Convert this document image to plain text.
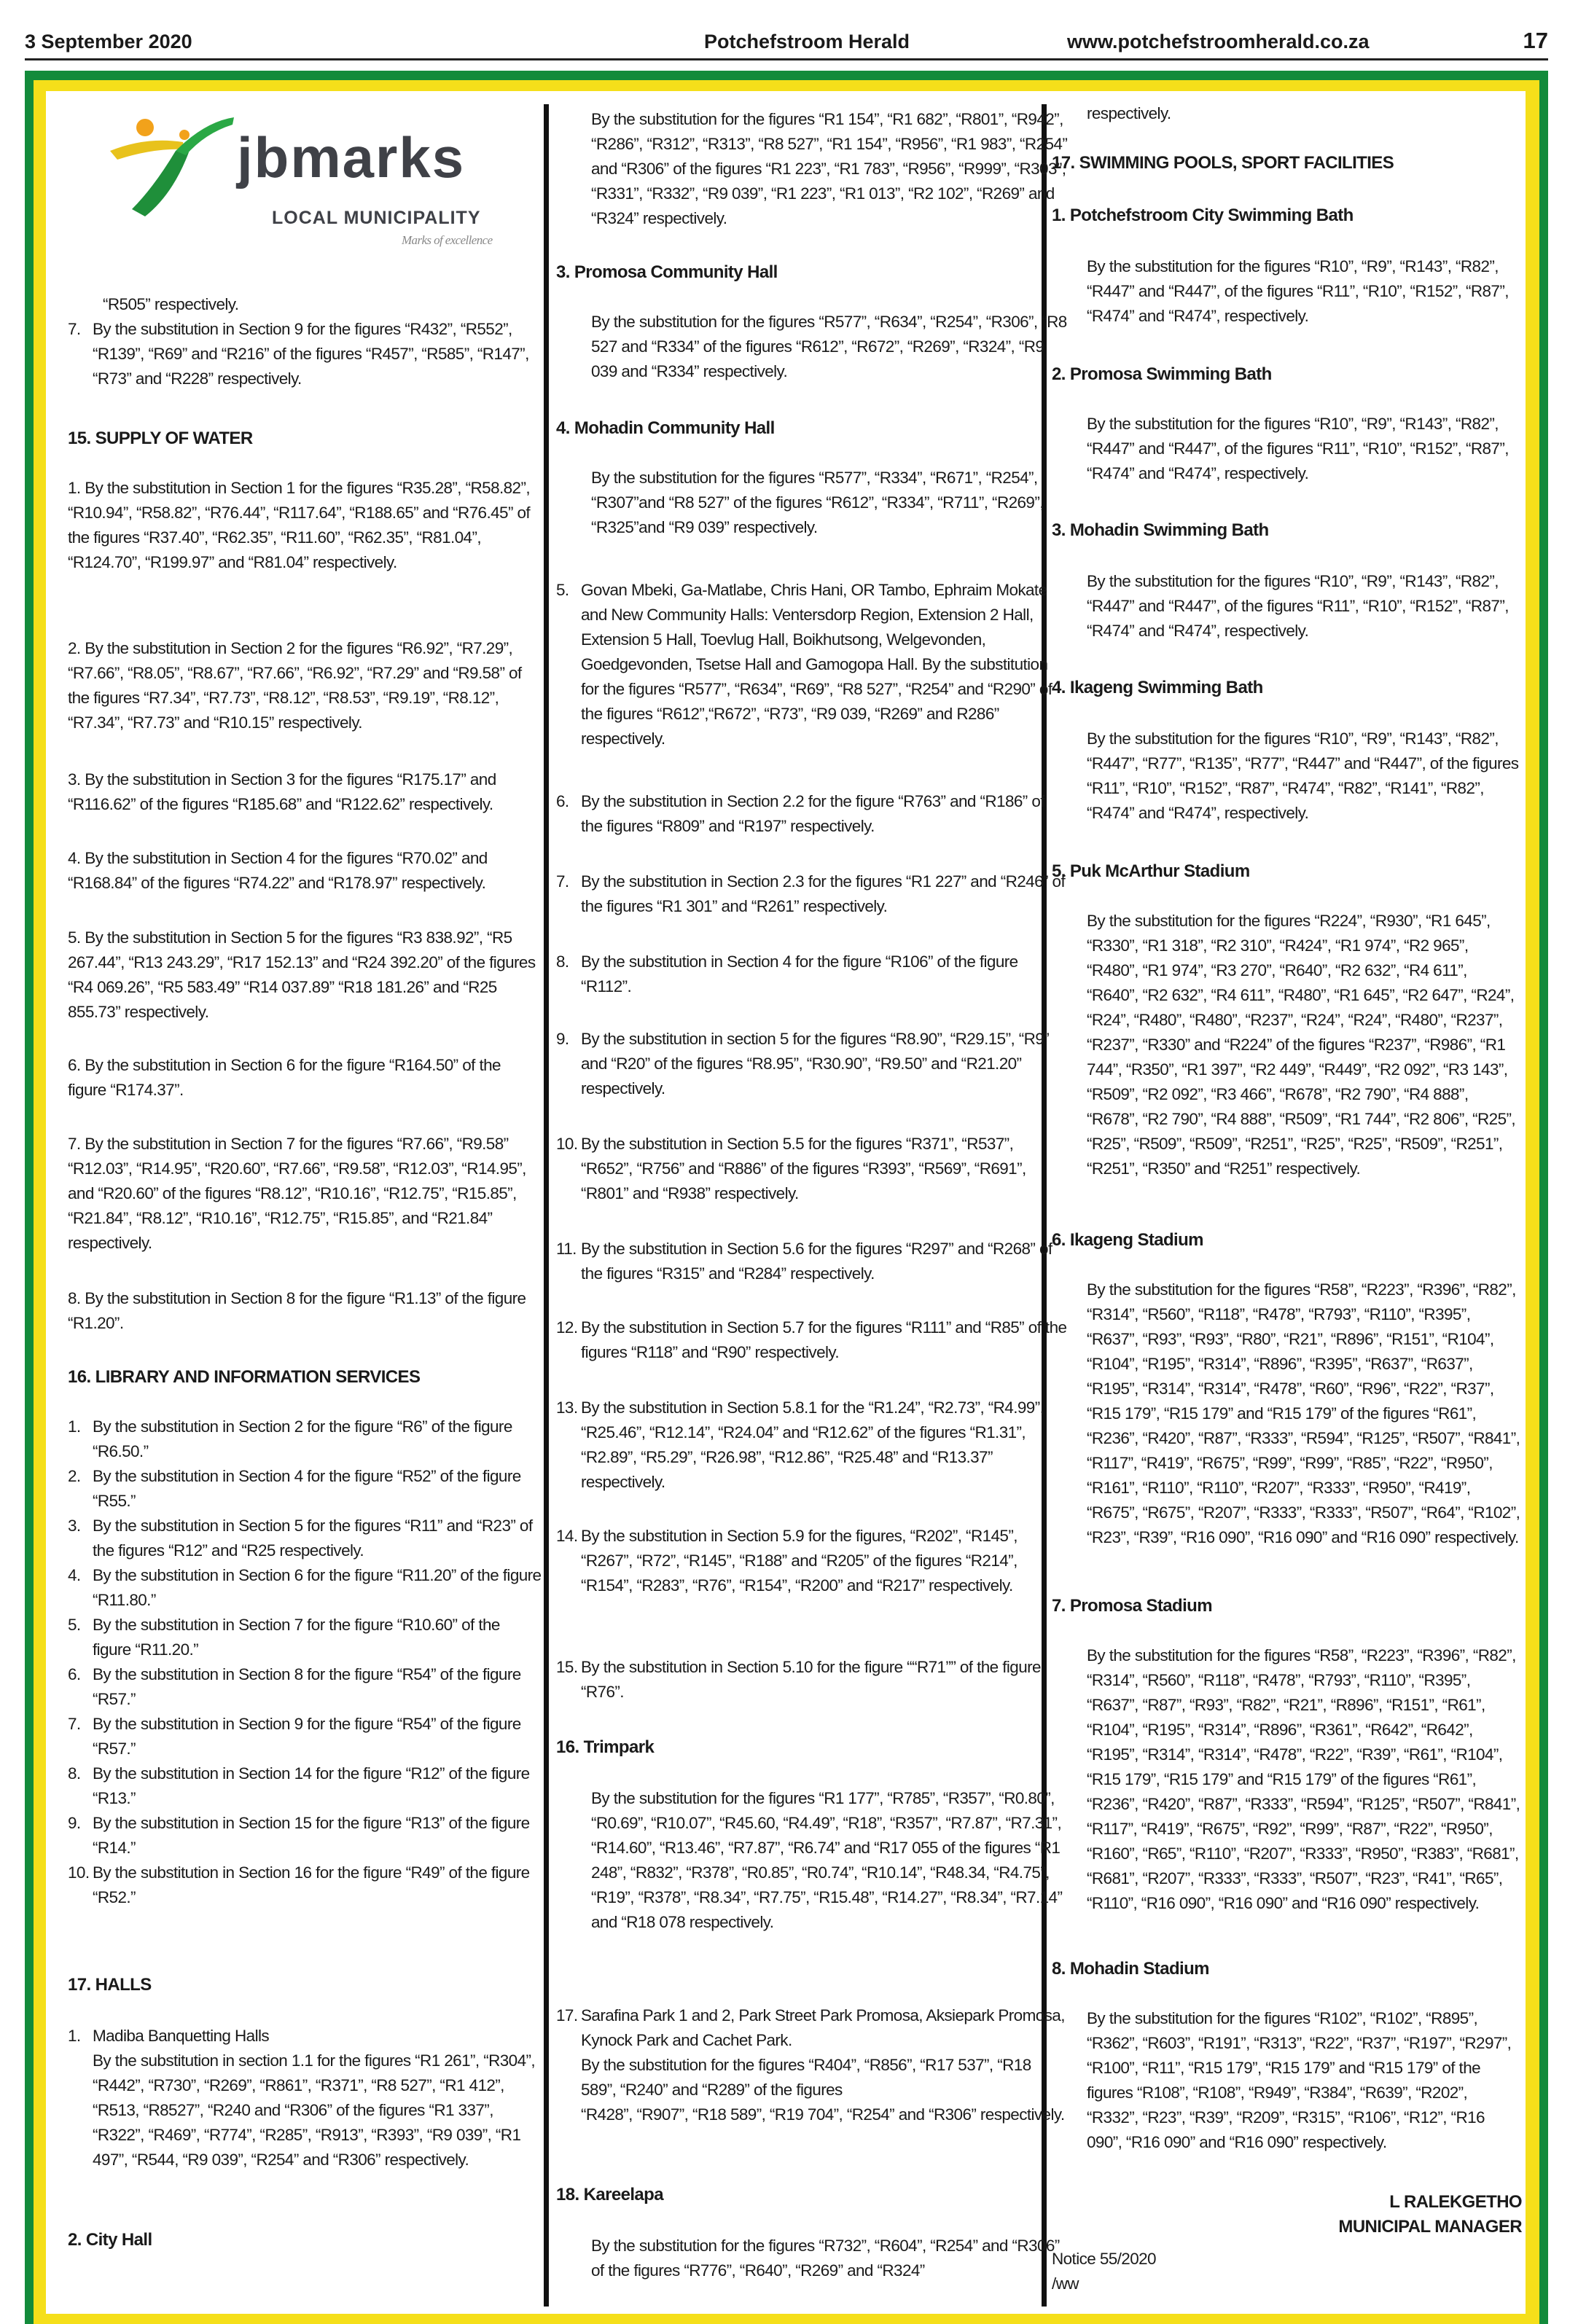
3 September 2020	Potchefstroom Herald	www.potchefstroomherald.co.za	17
jbmarks
LOCAL MUNICIPALITY
Marks of excellence
“R505” respectively.
7. By the substitution in Section 9 for the figures “R432”, “R552”, “R139”, “R69” and “R216” of the figures “R457”, “R585”, “R147”, “R73” and “R228” respectively.
15. SUPPLY OF WATER
1. By the substitution in Section 1 for the figures “R35.28”, “R58.82”, “R10.94”, “R58.82”, “R76.44”, “R117.64”, “R188.65” and “R76.45” of the figures “R37.40”, “R62.35”, “R11.60”, “R62.35”, “R81.04”, “R124.70”, “R199.97” and “R81.04” respectively.
2. By the substitution in Section 2 for the figures “R6.92”, “R7.29”, “R7.66”, “R8.05”, “R8.67”, “R7.66”, “R6.92”, “R7.29” and “R9.58” of the figures “R7.34”, “R7.73”, “R8.12”, “R8.53”, “R9.19”, “R8.12”, “R7.34”, “R7.73” and “R10.15” respectively.
3. By the substitution in Section 3 for the figures “R175.17” and “R116.62” of the figures “R185.68” and “R122.62” respectively.
4. By the substitution in Section 4 for the figures “R70.02” and “R168.84” of the figures “R74.22” and “R178.97” respectively.
5. By the substitution in Section 5 for the figures “R3 838.92”, “R5 267.44”, “R13 243.29”, “R17 152.13” and “R24 392.20” of the figures “R4 069.26”, “R5 583.49” “R14 037.89” “R18 181.26” and “R25 855.73” respectively.
6. By the substitution in Section 6 for the figure “R164.50” of the figure “R174.37”.
7. By the substitution in Section 7 for the figures “R7.66”, “R9.58” “R12.03”, “R14.95”, “R20.60”, “R7.66”, “R9.58”, “R12.03”, “R14.95”, and “R20.60” of the figures “R8.12”, “R10.16”, “R12.75”, “R15.85”, “R21.84”, “R8.12”, “R10.16”, “R12.75”, “R15.85”, and “R21.84” respectively.
8. By the substitution in Section 8 for the figure “R1.13” of the figure “R1.20”.
16. LIBRARY AND INFORMATION SERVICES
1. By the substitution in Section 2 for the figure “R6” of the figure “R6.50.”
2. By the substitution in Section 4 for the figure “R52” of the figure “R55.”
3. By the substitution in Section 5 for the figures “R11” and “R23” of the figures “R12” and “R25 respectively.
4. By the substitution in Section 6 for the figure “R11.20” of the figure “R11.80.”
5. By the substitution in Section 7 for the figure “R10.60” of the figure “R11.20.”
6. By the substitution in Section 8 for the figure “R54” of the figure “R57.”
7. By the substitution in Section 9 for the figure “R54” of the figure “R57.”
8. By the substitution in Section 14 for the figure “R12” of the figure “R13.”
9. By the substitution in Section 15 for the figure “R13” of the figure “R14.”
10. By the substitution in Section 16 for the figure “R49” of the figure “R52.”
17. HALLS
1. Madiba Banquetting Halls
By the substitution in section 1.1 for the figures “R1 261”, “R304”, “R442”, “R730”, “R269”, “R861”, “R371”, “R8 527”, “R1 412”, “R513, “R8527”, “R240 and “R306” of the figures “R1 337”, “R322”, “R469”, “R774”, “R285”, “R913”, “R393”, “R9 039”, “R1 497”, “R544, “R9 039”, “R254” and “R306” respectively.
2. City Hall
By the substitution for the figures “R1 154”, “R1 682”, “R801”, “R942”, “R286”, “R312”, “R313”, “R8 527”, “R1 154”, “R956”, “R1 983”, “R254” and “R306” of the figures “R1 223”, “R1 783”, “R956”, “R999”, “R303”, “R331”, “R332”, “R9 039”, “R1 223”, “R1 013”, “R2 102”, “R269” and “R324” respectively.
3. Promosa Community Hall
By the substitution for the figures “R577”, “R634”, “R254”, “R306”, “R8 527 and “R334” of the figures “R612”, “R672”, “R269”, “R324”, “R9 039 and “R334” respectively.
4. Mohadin Community Hall
By the substitution for the figures “R577”, “R334”, “R671”, “R254”, “R307”and “R8 527” of the figures “R612”, “R334”, “R711”, “R269”, “R325”and “R9 039” respectively.
5. Govan Mbeki, Ga-Matlabe, Chris Hani, OR Tambo, Ephraim Mokate and New Community Halls: Ventersdorp Region, Extension 2 Hall, Extension 5 Hall, Toevlug Hall, Boikhutsong, Welgevonden, Goedgevonden, Tsetse Hall and Gamogopa Hall. By the substitution for the figures “R577”, “R634”, “R69”, “R8 527”, “R254” and “R290” of the figures “R612”,“R672”, “R73”, “R9 039, “R269” and R286” respectively.
6. By the substitution in Section 2.2 for the figure “R763” and “R186” of the figures “R809” and “R197” respectively.
7. By the substitution in Section 2.3 for the figures “R1 227” and “R246” of the figures “R1 301” and “R261” respectively.
8. By the substitution in Section 4 for the figure “R106” of the figure “R112”.
9. By the substitution in section 5 for the figures “R8.90”, “R29.15”, “R9” and “R20” of the figures “R8.95”, “R30.90”, “R9.50” and “R21.20” respectively.
10. By the substitution in Section 5.5 for the figures “R371”, “R537”, “R652”, “R756” and “R886” of the figures “R393”, “R569”, “R691”, “R801” and “R938” respectively.
11. By the substitution in Section 5.6 for the figures “R297” and “R268” of the figures “R315” and “R284” respectively.
12. By the substitution in Section 5.7 for the figures “R111” and “R85” of the figures “R118” and “R90” respectively.
13. By the substitution in Section 5.8.1 for the “R1.24”, “R2.73”, “R4.99”, “R25.46”, “R12.14”, “R24.04” and “R12.62” of the figures “R1.31”, “R2.89”, “R5.29”, “R26.98”, “R12.86”, “R25.48” and “R13.37” respectively.
14. By the substitution in Section 5.9 for the figures, “R202”, “R145”, “R267”, “R72”, “R145”, “R188” and “R205” of the figures “R214”, “R154”, “R283”, “R76”, “R154”, “R200” and “R217” respectively.
15. By the substitution in Section 5.10 for the figure ““R71”” of the figure “R76”.
16. Trimpark
By the substitution for the figures “R1 177”, “R785”, “R357”, “R0.80”, “R0.69”, “R10.07”, “R45.60, “R4.49”, “R18”, “R357”, “R7.87”, “R7.31”, “R14.60”, “R13.46”, “R7.87”, “R6.74” and “R17 055 of the figures “R1 248”, “R832”, “R378”, “R0.85”, “R0.74”, “R10.14”, “R48.34, “R4.75”, “R19”, “R378”, “R8.34”, “R7.75”, “R15.48”, “R14.27”, “R8.34”, “R7.14” and “R18 078 respectively.
17. Sarafina Park 1 and 2, Park Street Park Promosa, Aksiepark Promosa, Kynock Park and Cachet Park.
By the substitution for the figures “R404”, “R856”, “R17 537”, “R18 589”, “R240” and “R289” of the figures
“R428”, “R907”, “R18 589”, “R19 704”, “R254” and “R306” respectively.
18. Kareelapa
By the substitution for the figures “R732”, “R604”, “R254” and “R306” of the figures “R776”, “R640”, “R269” and “R324”
respectively.
17. SWIMMING POOLS, SPORT FACILITIES
1. Potchefstroom City Swimming Bath
By the substitution for the figures “R10”, “R9”, “R143”, “R82”, “R447” and “R447”, of the figures “R11”, “R10”, “R152”, “R87”, “R474” and “R474”, respectively.
2. Promosa Swimming Bath
By the substitution for the figures “R10”, “R9”, “R143”, “R82”, “R447” and “R447”, of the figures “R11”, “R10”, “R152”, “R87”, “R474” and “R474”, respectively.
3. Mohadin Swimming Bath
By the substitution for the figures “R10”, “R9”, “R143”, “R82”, “R447” and “R447”, of the figures “R11”, “R10”, “R152”, “R87”, “R474” and “R474”, respectively.
4. Ikageng Swimming Bath
By the substitution for the figures “R10”, “R9”, “R143”, “R82”, “R447”, “R77”, “R135”, “R77”, “R447” and “R447”, of the figures “R11”, “R10”, “R152”, “R87”, “R474”, “R82”, “R141”, “R82”, “R474” and “R474”, respectively.
5. Puk McArthur Stadium
By the substitution for the figures “R224”, “R930”, “R1 645”, “R330”, “R1 318”, “R2 310”, “R424”, “R1 974”, “R2 965”, “R480”, “R1 974”, “R3 270”, “R640”, “R2 632”, “R4 611”, “R640”, “R2 632”, “R4 611”, “R480”, “R1 645”, “R2 647”, “R24”, “R24”, “R480”, “R480”, “R237”, “R24”, “R24”, “R480”, “R237”, “R237”, “R330” and “R224” of the figures “R237”, “R986”, “R1 744”, “R350”, “R1 397”, “R2 449”, “R449”, “R2 092”, “R3 143”, “R509”, “R2 092”, “R3 466”, “R678”, “R2 790”, “R4 888”, “R678”, “R2 790”, “R4 888”, “R509”, “R1 744”, “R2 806”, “R25”, “R25”, “R509”, “R509”, “R251”, “R25”, “R25”, “R509”, “R251”, “R251”, “R350” and “R251” respectively.
6. Ikageng Stadium
By the substitution for the figures “R58”, “R223”, “R396”, “R82”, “R314”, “R560”, “R118”, “R478”, “R793”, “R110”, “R395”, “R637”, “R93”, “R93”, “R80”, “R21”, “R896”, “R151”, “R104”, “R104”, “R195”, “R314”, “R896”, “R395”, “R637”, “R637”, “R195”, “R314”, “R314”, “R478”, “R60”, “R96”, “R22”, “R37”, “R15 179”, “R15 179” and “R15 179” of the figures “R61”, “R236”, “R420”, “R87”, “R333”, “R594”, “R125”, “R507”, “R841”, “R117”, “R419”, “R675”, “R99”, “R99”, “R85”, “R22”, “R950”, “R161”, “R110”, “R110”, “R207”, “R333”, “R950”, “R419”, “R675”, “R675”, “R207”, “R333”, “R333”, “R507”, “R64”, “R102”, “R23”, “R39”, “R16 090”, “R16 090” and “R16 090” respectively.
7. Promosa Stadium
By the substitution for the figures “R58”, “R223”, “R396”, “R82”, “R314”, “R560”, “R118”, “R478”, “R793”, “R110”, “R395”, “R637”, “R87”, “R93”, “R82”, “R21”, “R896”, “R151”, “R61”, “R104”, “R195”, “R314”, “R896”, “R361”, “R642”, “R642”, “R195”, “R314”, “R314”, “R478”, “R22”, “R39”, “R61”, “R104”, “R15 179”, “R15 179” and “R15 179” of the figures “R61”, “R236”, “R420”, “R87”, “R333”, “R594”, “R125”, “R507”, “R841”, “R117”, “R419”, “R675”, “R92”, “R99”, “R87”, “R22”, “R950”, “R160”, “R65”, “R110”, “R207”, “R333”, “R950”, “R383”, “R681”, “R681”, “R207”, “R333”, “R333”, “R507”, “R23”, “R41”, “R65”, “R110”, “R16 090”, “R16 090” and “R16 090” respectively.
8. Mohadin Stadium
By the substitution for the figures “R102”, “R102”, “R895”, “R362”, “R603”, “R191”, “R313”, “R22”, “R37”, “R197”, “R297”, “R100”, “R11”, “R15 179”, “R15 179” and “R15 179” of the figures “R108”, “R108”, “R949”, “R384”, “R639”, “R202”, “R332”, “R23”, “R39”, “R209”, “R315”, “R106”, “R12”, “R16 090”, “R16 090” and “R16 090” respectively.
L RALEKGETHO
MUNICIPAL MANAGER
Notice 55/2020
/ww
